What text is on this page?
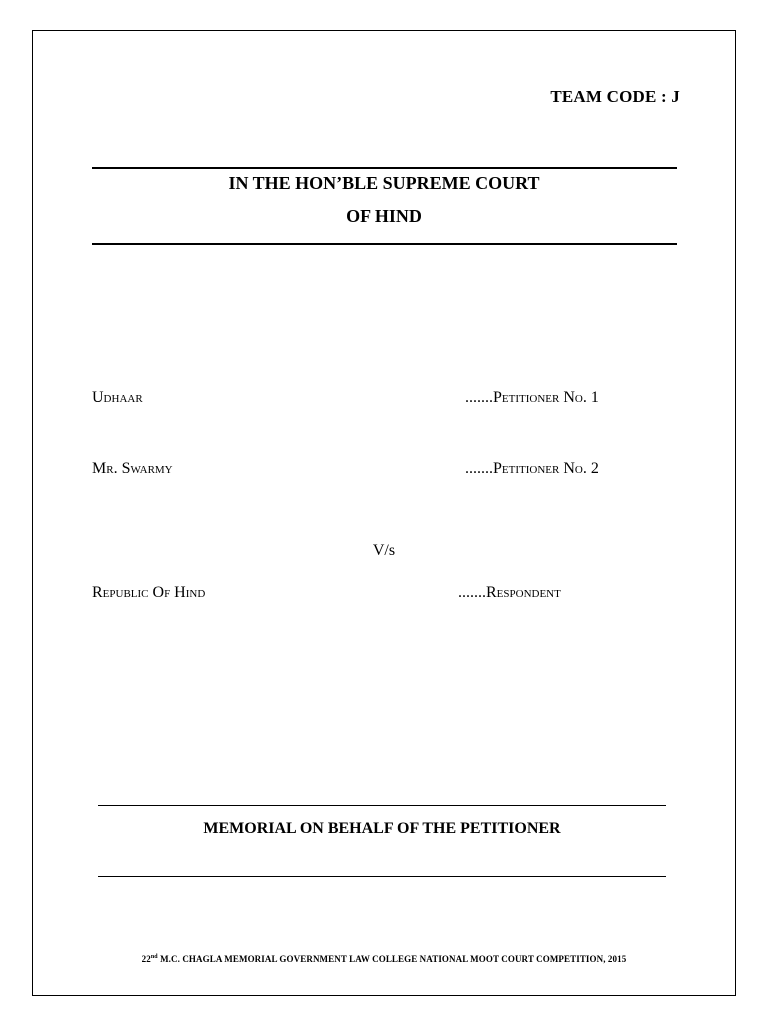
TEAM CODE : J
IN THE HON’BLE SUPREME COURT
OF HIND
Udhaar	.......Petitioner No. 1
Mr. Swarmy	.......Petitioner No. 2
V/s
Republic Of Hind	.......Respondent
MEMORIAL ON BEHALF OF THE PETITIONER
22nd M.C. CHAGLA MEMORIAL GOVERNMENT LAW COLLEGE NATIONAL MOOT COURT COMPETITION, 2015
